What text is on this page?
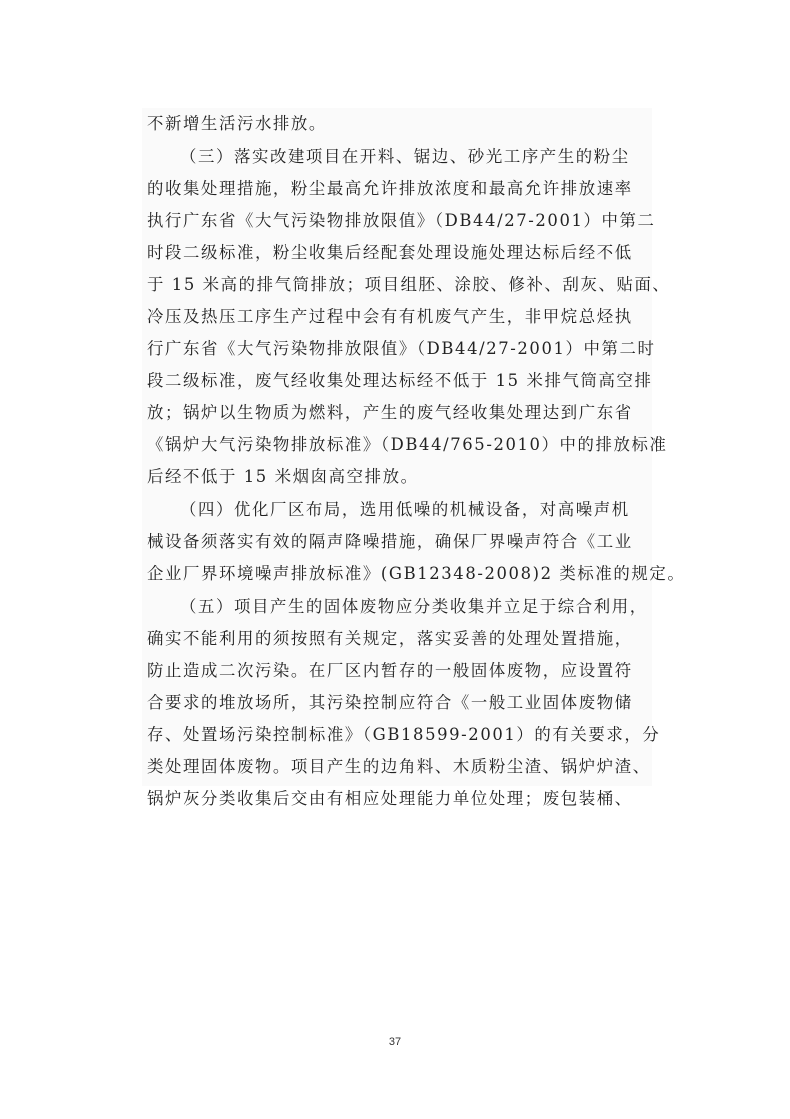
不新增生活污水排放。
（三）落实改建项目在开料、锯边、砂光工序产生的粉尘
的收集处理措施，粉尘最高允许排放浓度和最高允许排放速率
执行广东省《大气污染物排放限值》（DB44/27-2001）中第二
时段二级标准，粉尘收集后经配套处理设施处理达标后经不低
于 15 米高的排气筒排放；项目组胚、涂胶、修补、刮灰、贴面、
冷压及热压工序生产过程中会有有机废气产生，非甲烷总烃执
行广东省《大气污染物排放限值》（DB44/27-2001）中第二时
段二级标准，废气经收集处理达标经不低于 15 米排气筒高空排
放；锅炉以生物质为燃料，产生的废气经收集处理达到广东省
《锅炉大气污染物排放标准》（DB44/765-2010）中的排放标准
后经不低于 15 米烟囱高空排放。
（四）优化厂区布局，选用低噪的机械设备，对高噪声机
械设备须落实有效的隔声降噪措施，确保厂界噪声符合《工业
企业厂界环境噪声排放标准》(GB12348-2008)2 类标准的规定。
（五）项目产生的固体废物应分类收集并立足于综合利用，
确实不能利用的须按照有关规定，落实妥善的处理处置措施，
防止造成二次污染。在厂区内暂存的一般固体废物，应设置符
合要求的堆放场所，其污染控制应符合《一般工业固体废物储
存、处置场污染控制标准》（GB18599-2001）的有关要求，分
类处理固体废物。项目产生的边角料、木质粉尘渣、锅炉炉渣、
锅炉灰分类收集后交由有相应处理能力单位处理；废包装桶、
37
